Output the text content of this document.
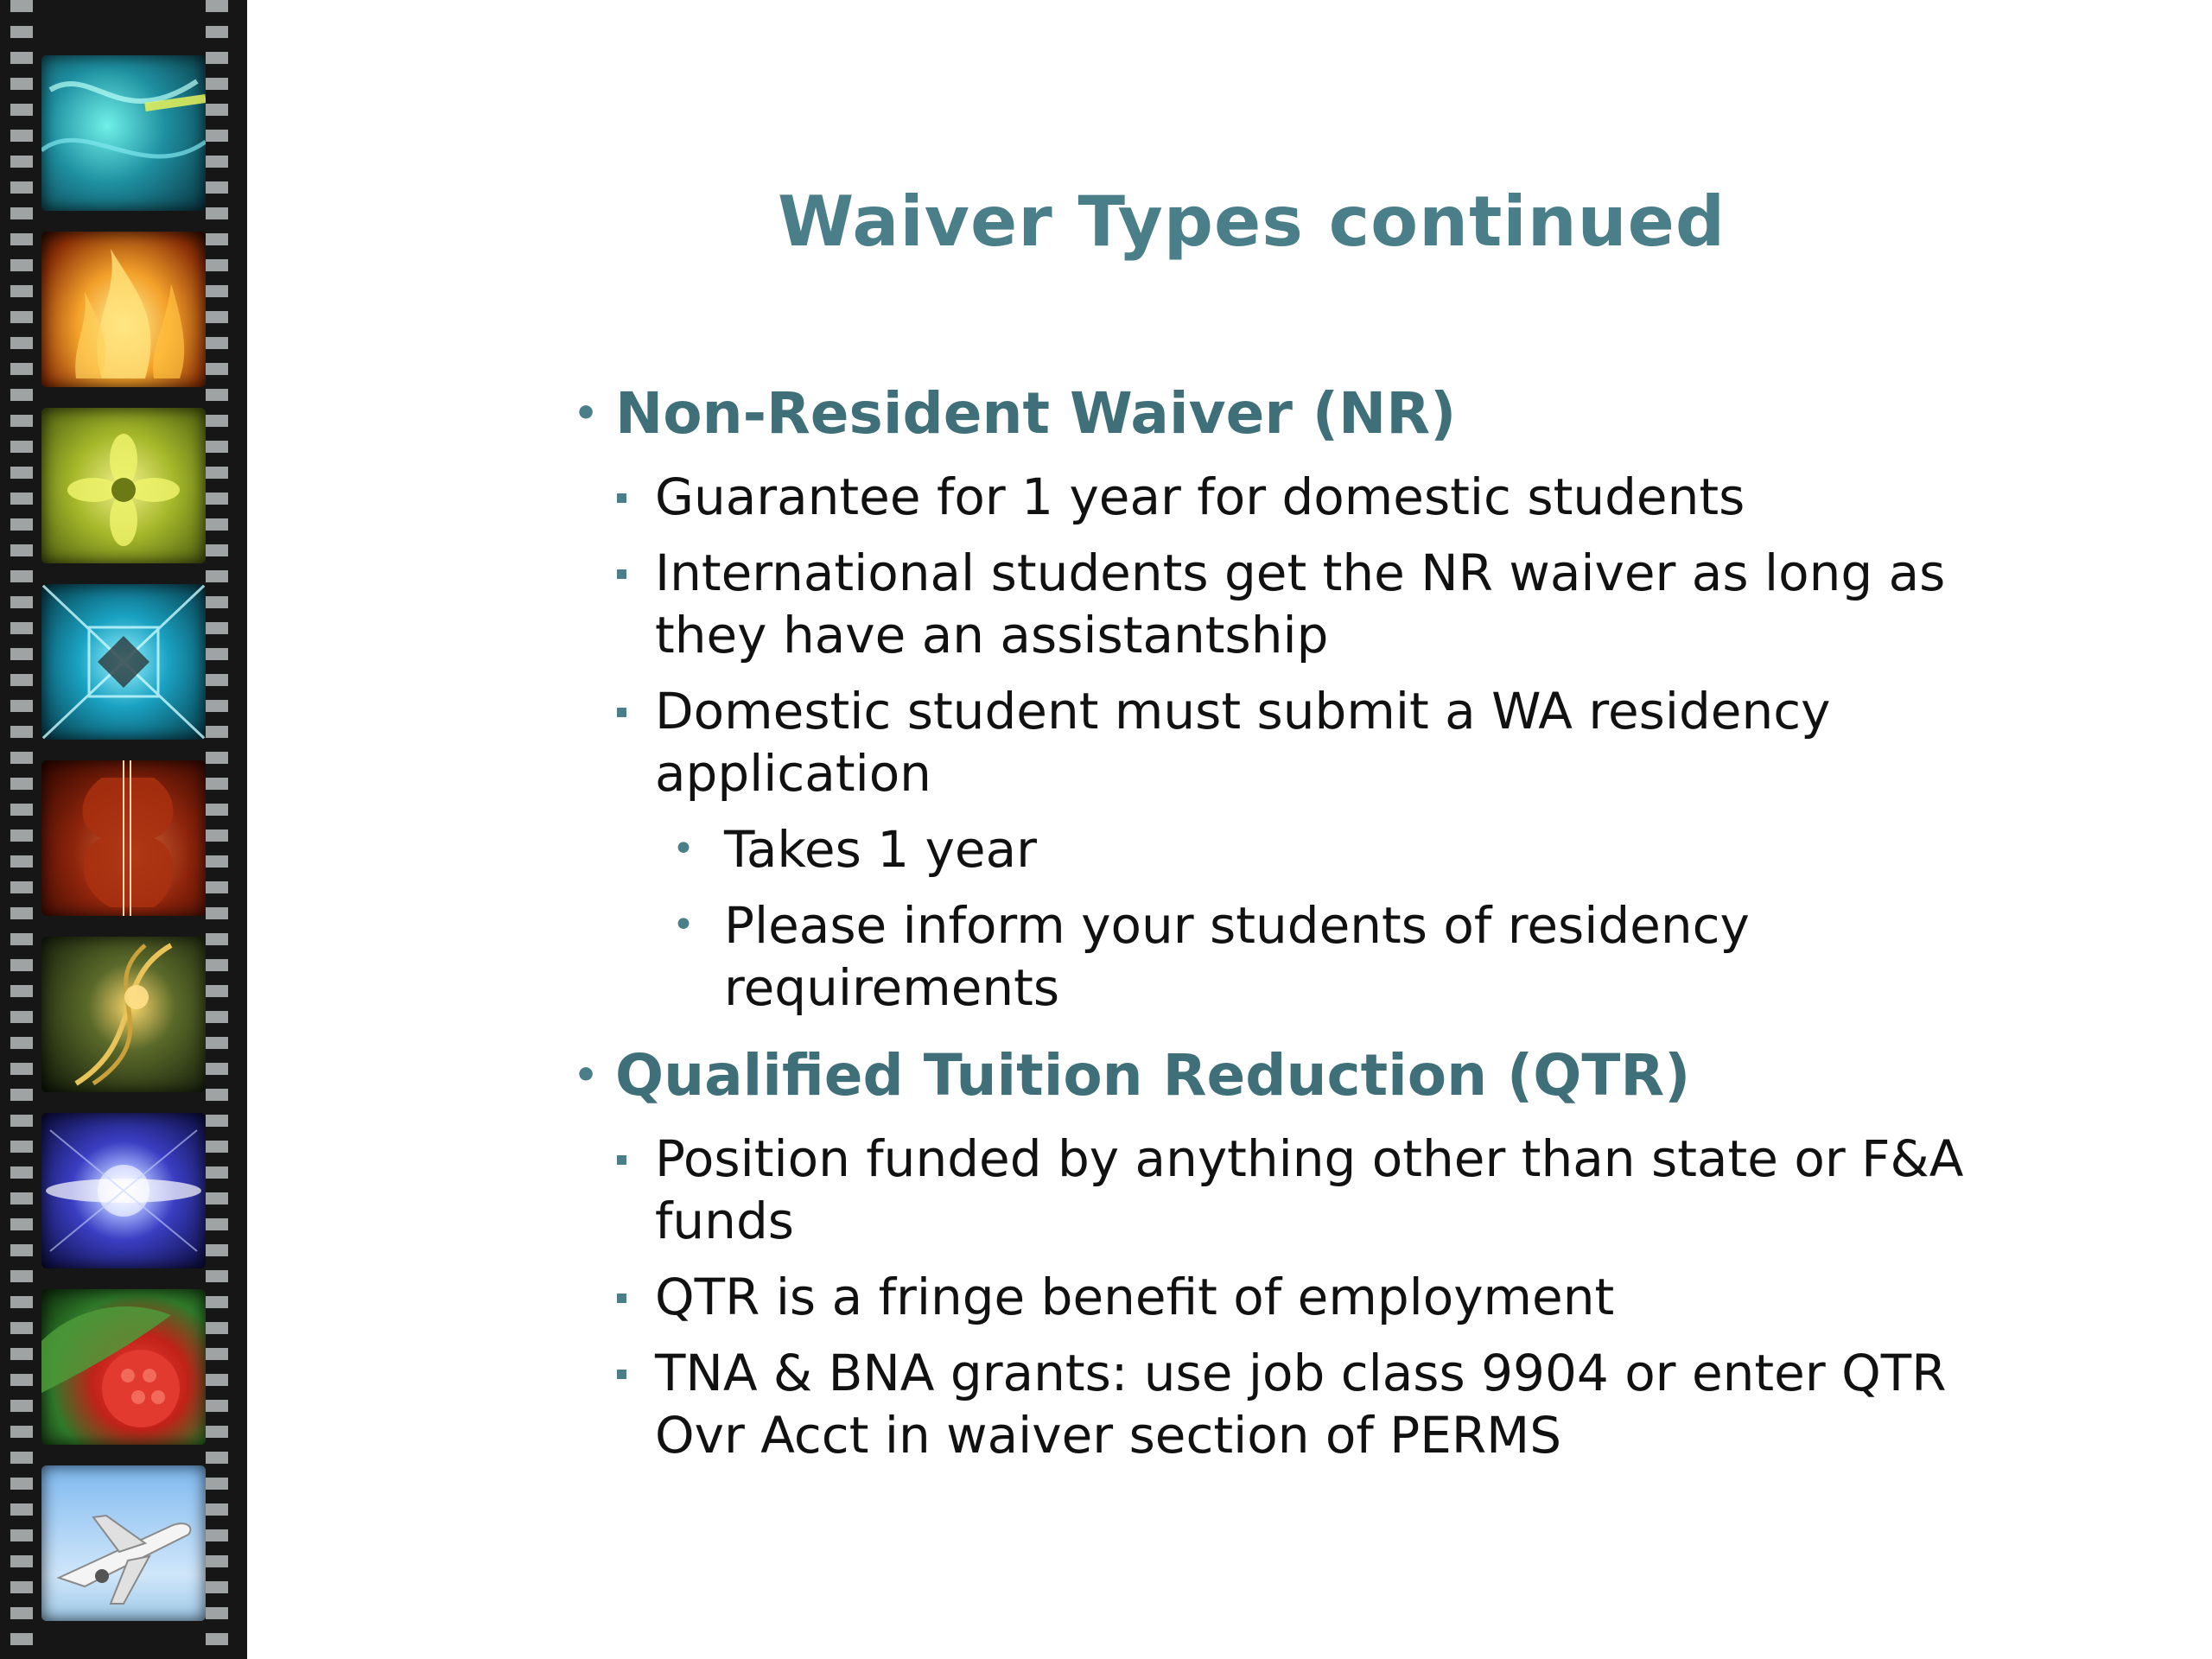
Waiver Types continued
• Non-Resident Waiver (NR)
Guarantee for 1 year for domestic students
International students get the NR waiver as long as they have an assistantship
Domestic student must submit a WA residency application
• Takes 1 year
• Please inform your students of residency requirements
• Qualified Tuition Reduction (QTR)
Position funded by anything other than state or F&A funds
QTR is a fringe benefit of employment
TNA & BNA grants: use job class 9904 or enter QTR Ovr Acct in waiver section of PERMS
